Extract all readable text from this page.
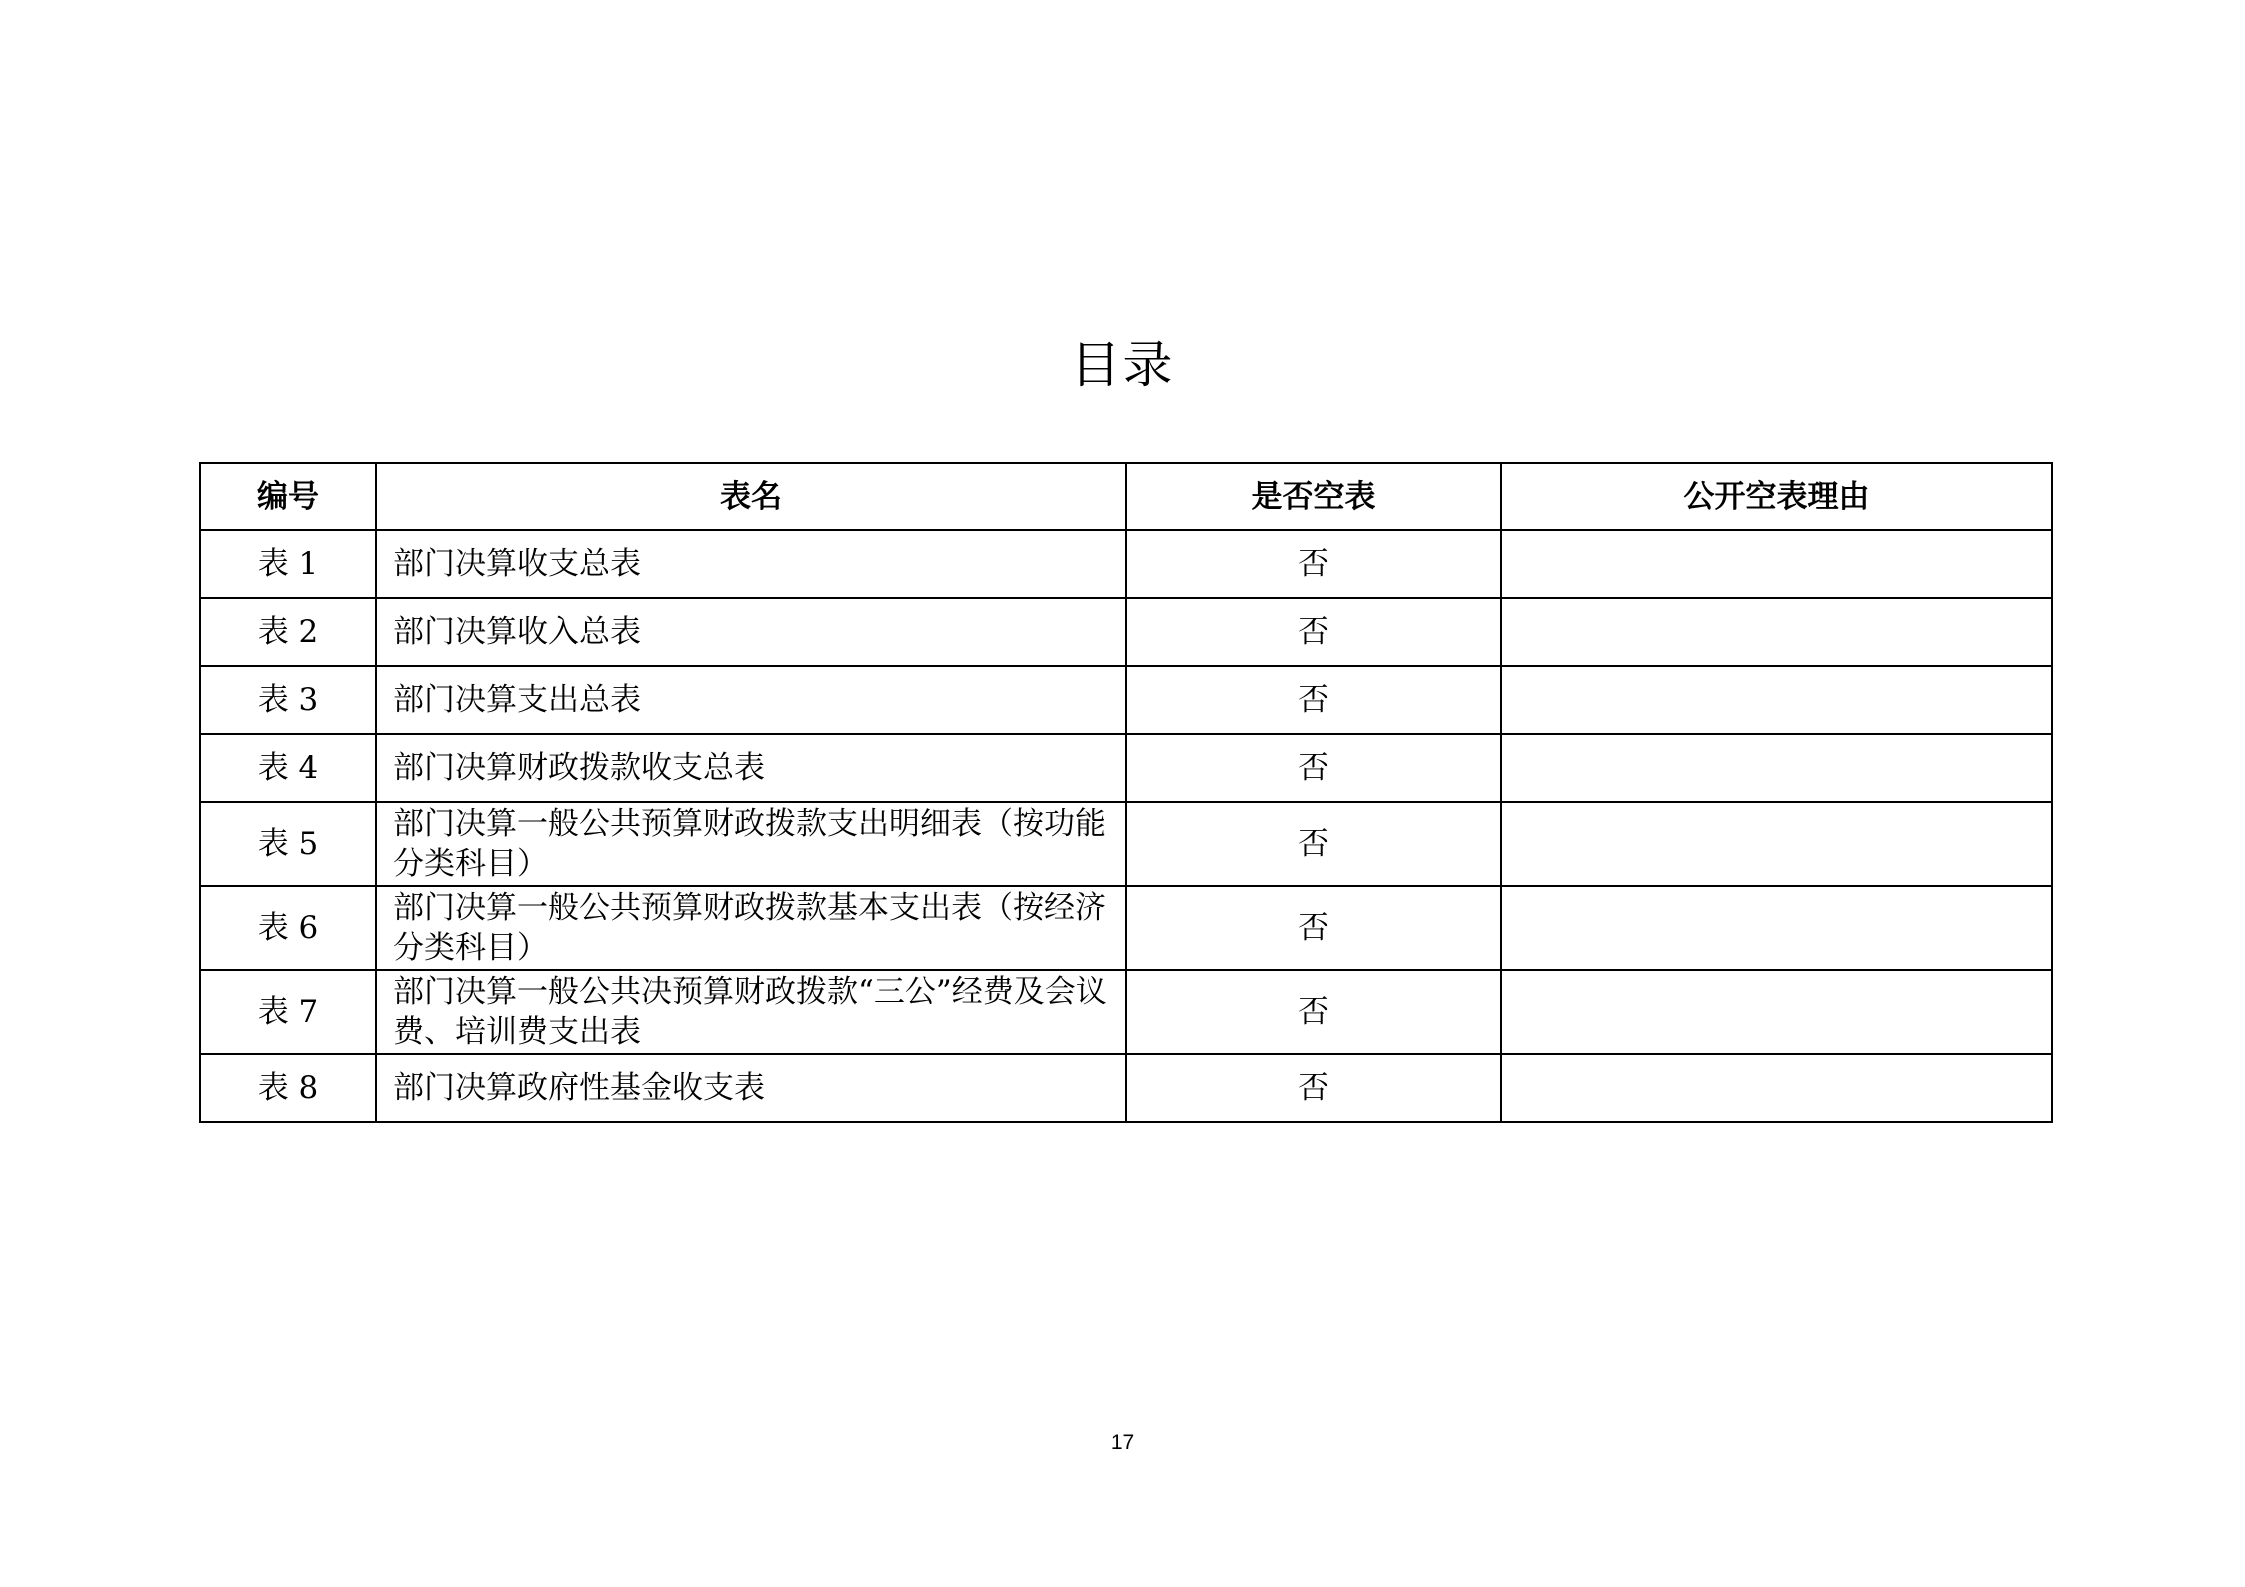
目录
编号	表名	是否空表	公开空表理由
表 1	部门决算收支总表	否	
表 2	部门决算收入总表	否	
表 3	部门决算支出总表	否	
表 4	部门决算财政拨款收支总表	否	
表 5	部门决算一般公共预算财政拨款支出明细表（按功能分类科目）	否	
表 6	部门决算一般公共预算财政拨款基本支出表（按经济分类科目）	否	
表 7	部门决算一般公共决预算财政拨款“三公”经费及会议费、培训费支出表	否	
表 8	部门决算政府性基金收支表	否	
17
